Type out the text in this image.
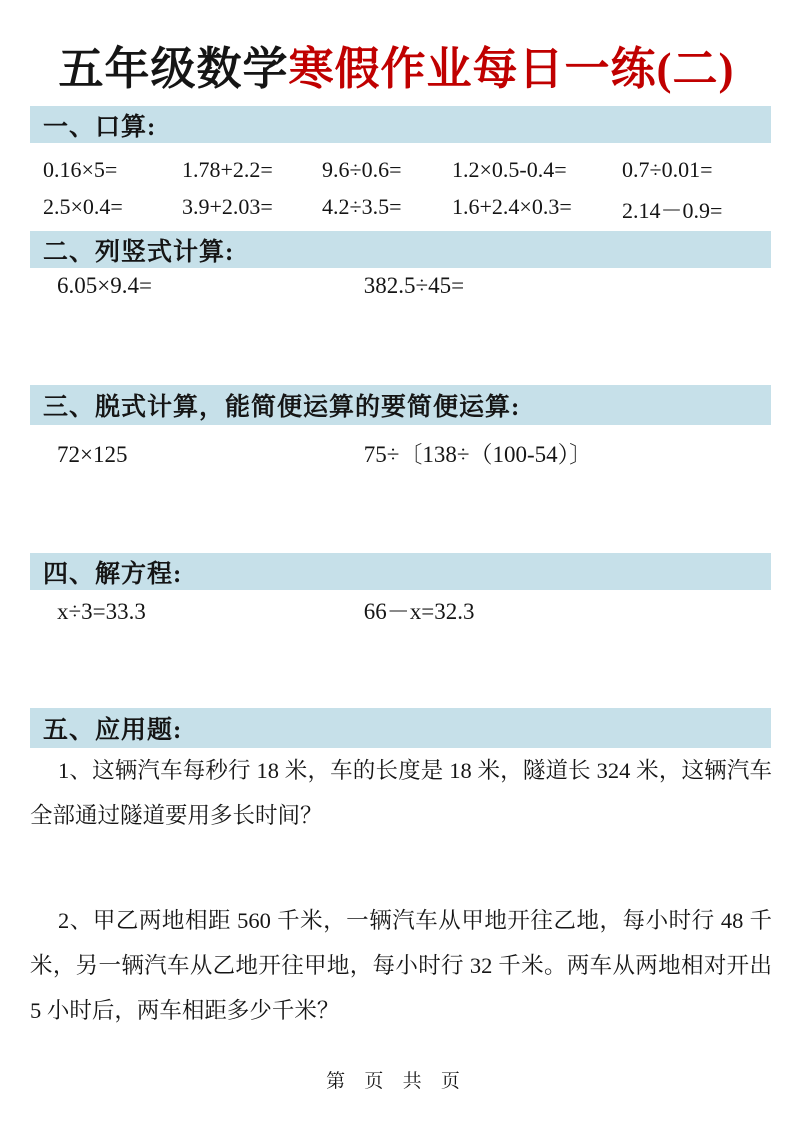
五年级数学寒假作业每日一练(二)
一、口算:
0.16×5=	1.78+2.2=	9.6÷0.6=	1.2×0.5-0.4=	0.7÷0.01=
2.5×0.4=	3.9+2.03=	4.2÷3.5=	1.6+2.4×0.3=	2.14－0.9=
二、列竖式计算:
6.05×9.4=	382.5÷45=
三、脱式计算，能简便运算的要简便运算:
72×125	75÷〔138÷（100-54）〕
四、解方程:
x÷3=33.3	66－x=32.3
五、应用题:

1、这辆汽车每秒行 18 米，车的长度是 18 米，隧道长 324 米，这辆汽车全部通过隧道要用多长时间？

2、甲乙两地相距 560 千米，一辆汽车从甲地开往乙地，每小时行 48 千米，另一辆汽车从乙地开往甲地，每小时行 32 千米。两车从两地相对开出 5 小时后，两车相距多少千米？

第 页 共 页
